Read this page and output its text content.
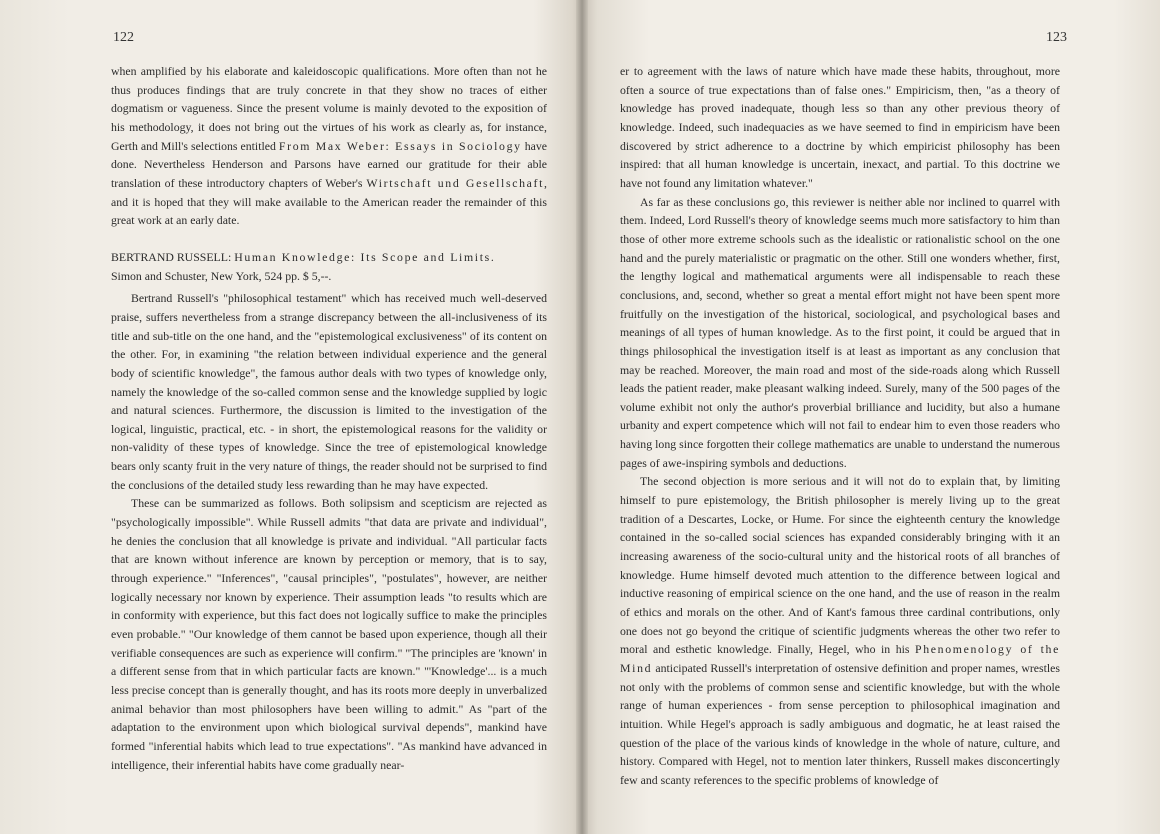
122

when amplified by his elaborate and kaleidoscopic qualifications. More often than not he thus produces findings that are truly concrete in that they show no traces of either dogmatism or vagueness. Since the present volume is mainly devoted to the exposition of his methodology, it does not bring out the virtues of his work as clearly as, for instance, Gerth and Mill's selections entitled From Max Weber: Essays in Sociology have done. Nevertheless Henderson and Parsons have earned our gratitude for their able translation of these introductory chapters of Weber's Wirtschaft und Gesellschaft, and it is hoped that they will make available to the American reader the remainder of this great work at an early date.

BERTRAND RUSSELL: Human Knowledge: Its Scope and Limits.

Simon and Schuster, New York, 524 pp. $ 5,--.

Bertrand Russell's "philosophical testament" which has received much well-deserved praise, suffers nevertheless from a strange discrepancy between the all-inclusiveness of its title and sub-title on the one hand, and the "epistemological exclusiveness" of its content on the other. For, in examining "the relation between individual experience and the general body of scientific knowledge", the famous author deals with two types of knowledge only, namely the knowledge of the so-called common sense and the knowledge supplied by logic and natural sciences. Furthermore, the discussion is limited to the investigation of the logical, linguistic, practical, etc. - in short, the epistemological reasons for the validity or non-validity of these types of knowledge. Since the tree of epistemological knowledge bears only scanty fruit in the very nature of things, the reader should not be surprised to find the conclusions of the detailed study less rewarding than he may have expected.

These can be summarized as follows. Both solipsism and scepticism are rejected as "psychologically impossible". While Russell admits "that data are private and individual", he denies the conclusion that all knowledge is private and individual. "All particular facts that are known without inference are known by perception or memory, that is to say, through experience." "Inferences", "causal principles", "postulates", however, are neither logically necessary nor known by experience. Their assumption leads "to results which are in conformity with experience, but this fact does not logically suffice to make the principles even probable." "Our knowledge of them cannot be based upon experience, though all their verifiable consequences are such as experience will confirm." "The principles are 'known' in a different sense from that in which particular facts are known." "'Knowledge'... is a much less precise concept than is generally thought, and has its roots more deeply in unverbalized animal behavior than most philosophers have been willing to admit." As "part of the adaptation to the environment upon which biological survival depends", mankind have formed "inferential habits which lead to true expectations". "As mankind have advanced in intelligence, their inferential habits have come gradually near-

123

er to agreement with the laws of nature which have made these habits, throughout, more often a source of true expectations than of false ones." Empiricism, then, "as a theory of knowledge has proved inadequate, though less so than any other previous theory of knowledge. Indeed, such inadequacies as we have seemed to find in empiricism have been discovered by strict adherence to a doctrine by which empiricist philosophy has been inspired: that all human knowledge is uncertain, inexact, and partial. To this doctrine we have not found any limitation whatever."

As far as these conclusions go, this reviewer is neither able nor inclined to quarrel with them. Indeed, Lord Russell's theory of knowledge seems much more satisfactory to him than those of other more extreme schools such as the idealistic or rationalistic school on the one hand and the purely materialistic or pragmatic on the other. Still one wonders whether, first, the lengthy logical and mathematical arguments were all indispensable to reach these conclusions, and, second, whether so great a mental effort might not have been spent more fruitfully on the investigation of the historical, sociological, and psychological bases and meanings of all types of human knowledge. As to the first point, it could be argued that in things philosophical the investigation itself is at least as important as any conclusion that may be reached. Moreover, the main road and most of the side-roads along which Russell leads the patient reader, make pleasant walking indeed. Surely, many of the 500 pages of the volume exhibit not only the author's proverbial brilliance and lucidity, but also a humane urbanity and expert competence which will not fail to endear him to even those readers who having long since forgotten their college mathematics are unable to understand the numerous pages of awe-inspiring symbols and deductions.

The second objection is more serious and it will not do to explain that, by limiting himself to pure epistemology, the British philosopher is merely living up to the great tradition of a Descartes, Locke, or Hume. For since the eighteenth century the knowledge contained in the so-called social sciences has expanded considerably bringing with it an increasing awareness of the socio-cultural unity and the historical roots of all branches of knowledge. Hume himself devoted much attention to the difference between logical and inductive reasoning of empirical science on the one hand, and the use of reason in the realm of ethics and morals on the other. And of Kant's famous three cardinal contributions, only one does not go beyond the critique of scientific judgments whereas the other two refer to moral and esthetic knowledge. Finally, Hegel, who in his Phenomenology of the Mind anticipated Russell's interpretation of ostensive definition and proper names, wrestles not only with the problems of common sense and scientific knowledge, but with the whole range of human experiences - from sense perception to philosophical imagination and intuition. While Hegel's approach is sadly ambiguous and dogmatic, he at least raised the question of the place of the various kinds of knowledge in the whole of nature, culture, and history. Compared with Hegel, not to mention later thinkers, Russell makes disconcertingly few and scanty references to the specific problems of knowledge of
